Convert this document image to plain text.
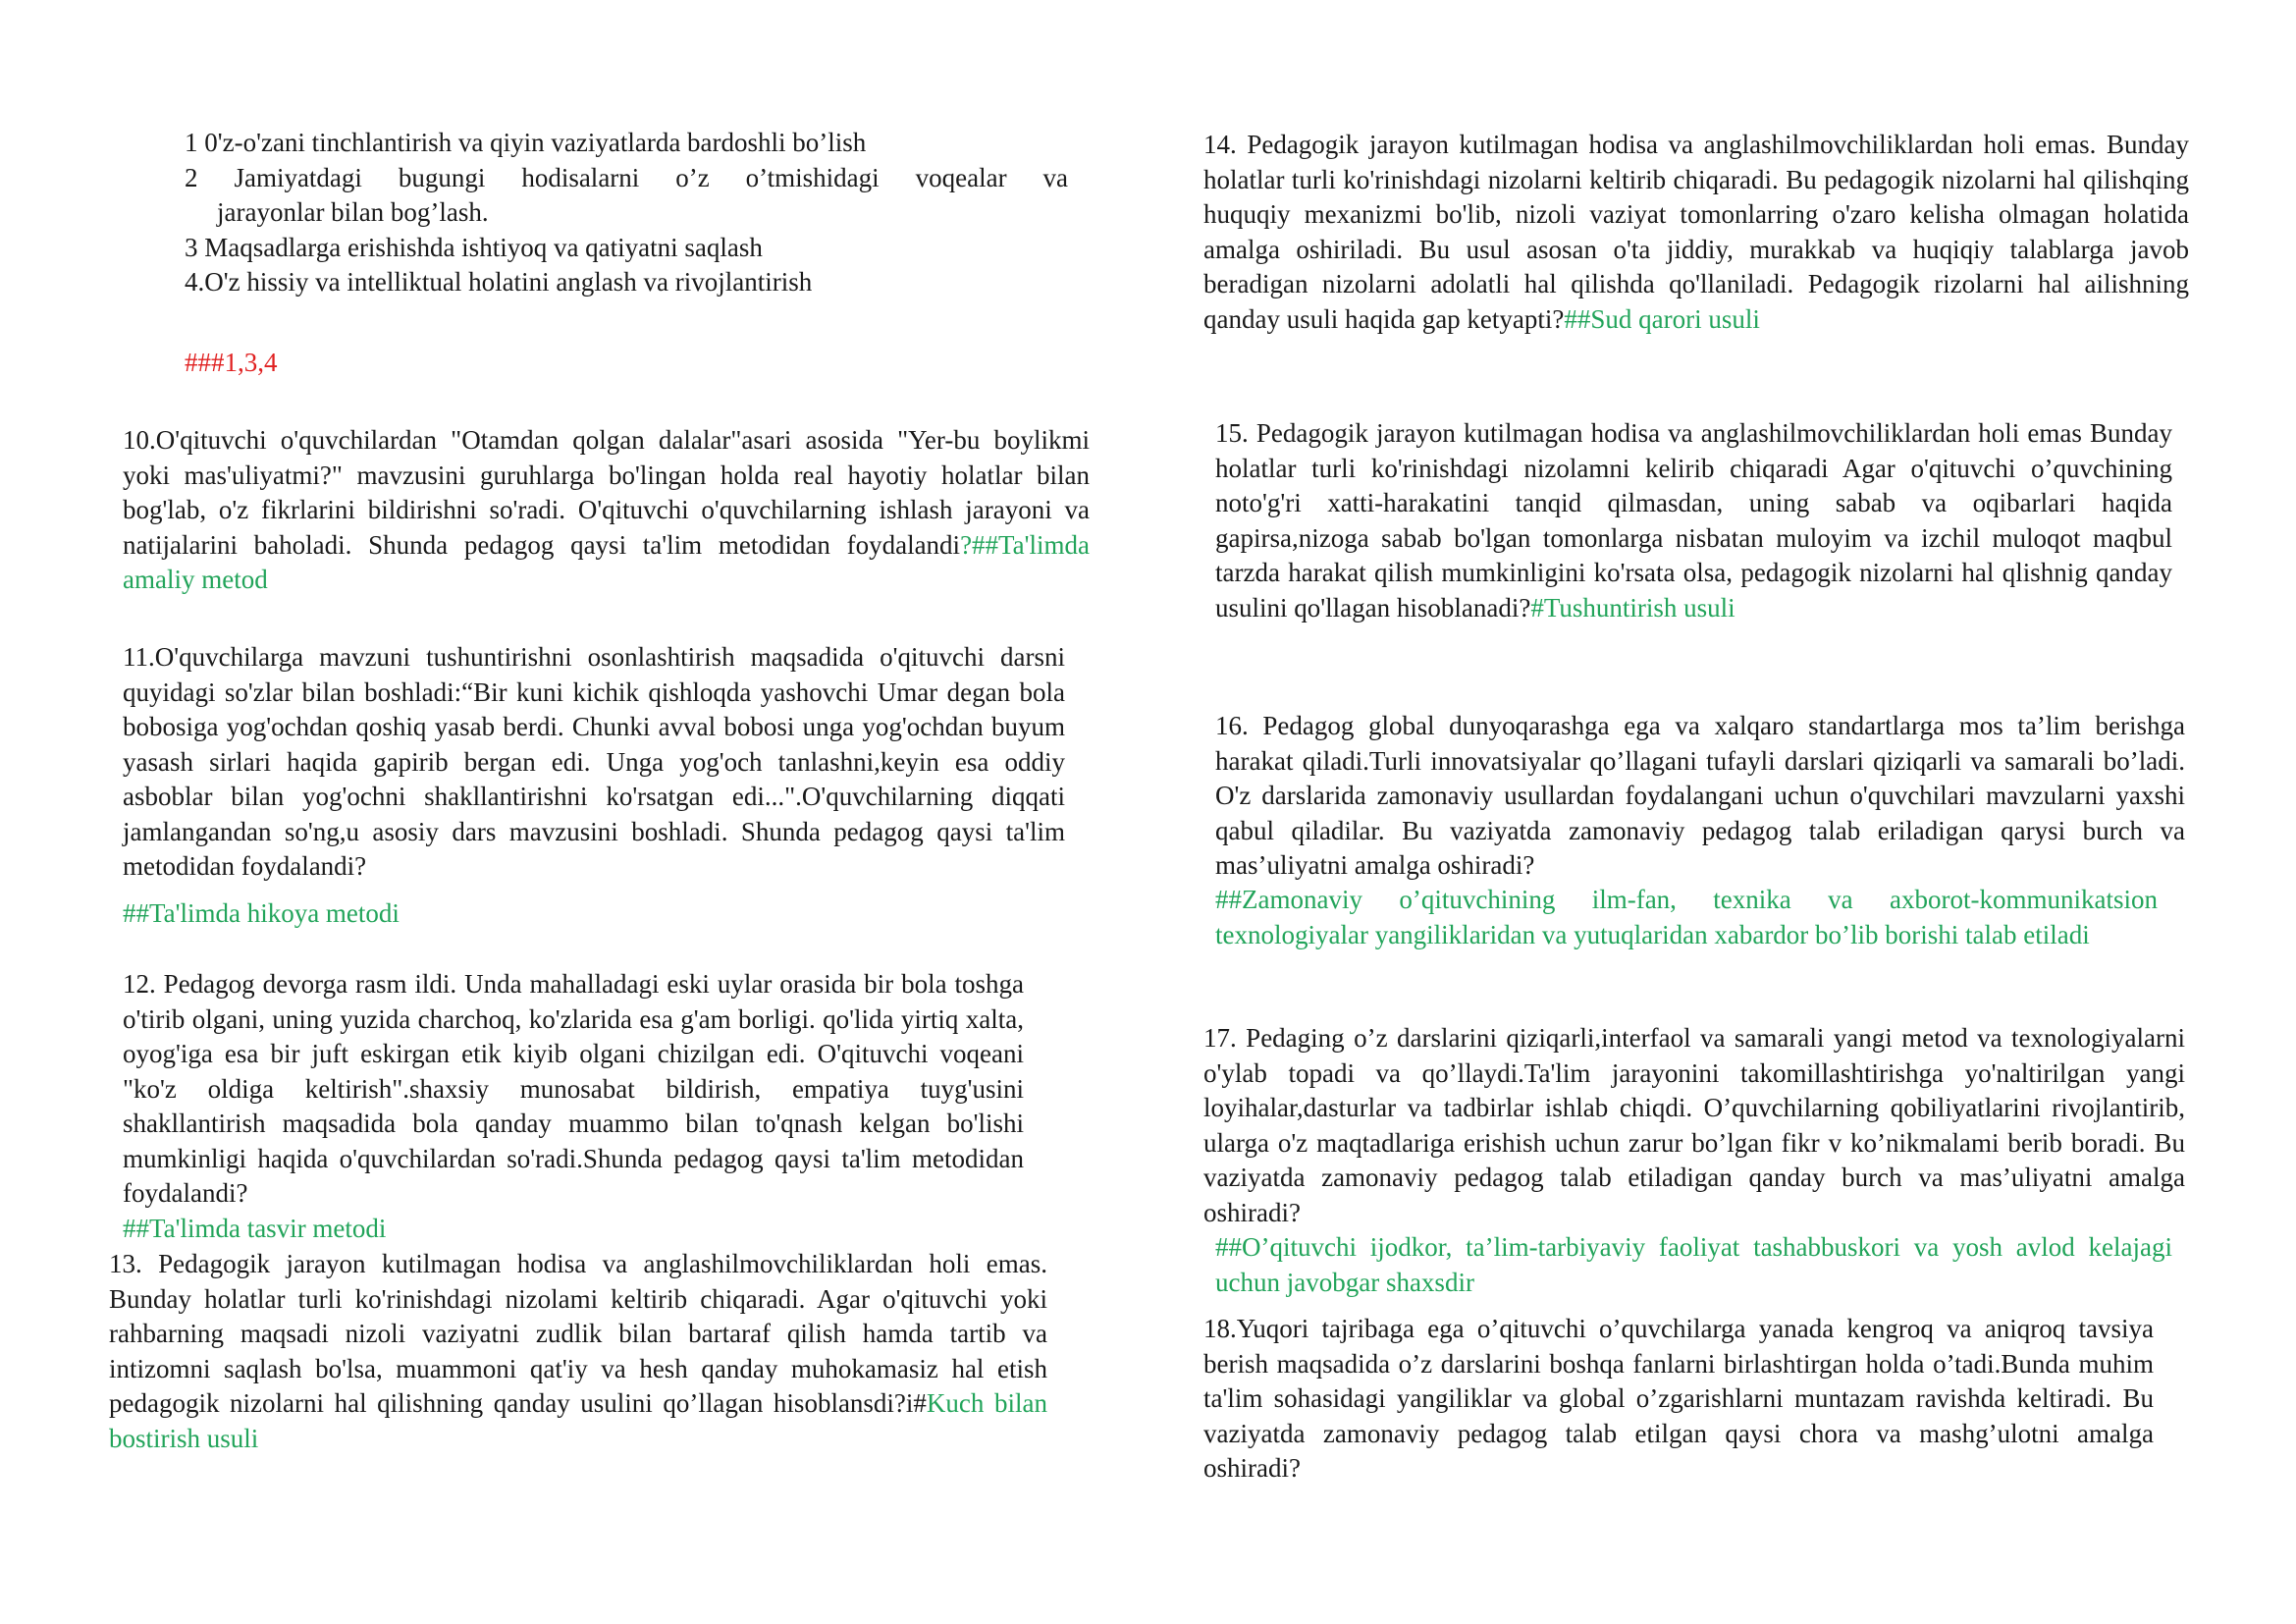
1 0'z-o'zani tinchlantirish va qiyin vaziyatlarda bardoshli bo’lish
2 Jamiyatdagi bugungi hodisalarni o’z o’tmishidagi voqealar va
jarayonlar bilan bog’lash.
3 Maqsadlarga erishishda ishtiyoq va qatiyatni saqlash
4.O'z hissiy va intelliktual holatini anglash va rivojlantirish
###1,3,4
10.O'qituvchi o'quvchilardan "Otamdan qolgan dalalar"asari asosida "Yer-bu boylikmi yoki mas'uliyatmi?" mavzusini guruhlarga bo'lingan holda real hayotiy holatlar bilan bog'lab, o'z fikrlarini bildirishni so'radi. O'qituvchi o'quvchilarning ishlash jarayoni va natijalarini baholadi. Shunda pedagog qaysi ta'lim metodidan foydalandi?##Ta'limda amaliy metod
11.O'quvchilarga mavzuni tushuntirishni osonlashtirish maqsadida o'qituvchi darsni quyidagi so'zlar bilan boshladi:“Bir kuni kichik qishloqda yashovchi Umar degan bola bobosiga yog'ochdan qoshiq yasab berdi. Chunki avval bobosi unga yog'ochdan buyum yasash sirlari haqida gapirib bergan edi. Unga yog'och tanlashni,keyin esa oddiy asboblar bilan yog'ochni shakllantirishni ko'rsatgan edi...".O'quvchilarning diqqati jamlangandan so'ng,u asosiy dars mavzusini boshladi. Shunda pedagog qaysi ta'lim metodidan foydalandi?
##Ta'limda hikoya metodi
12. Pedagog devorga rasm ildi. Unda mahalladagi eski uylar orasida bir bola toshga o'tirib olgani, uning yuzida charchoq, ko'zlarida esa g'am borligi. qo'lida yirtiq xalta, oyog'iga esa bir juft eskirgan etik kiyib olgani chizilgan edi. O'qituvchi voqeani "ko'z oldiga keltirish".shaxsiy munosabat bildirish, empatiya tuyg'usini shakllantirish maqsadida bola qanday muammo bilan to'qnash kelgan bo'lishi mumkinligi haqida o'quvchilardan so'radi.Shunda pedagog qaysi ta'lim metodidan foydalandi?
##Ta'limda tasvir metodi
13. Pedagogik jarayon kutilmagan hodisa va anglashilmovchiliklardan holi emas. Bunday holatlar turli ko'rinishdagi nizolami keltirib chiqaradi. Agar o'qituvchi yoki rahbarning maqsadi nizoli vaziyatni zudlik bilan bartaraf qilish hamda tartib va intizomni saqlash bo'lsa, muammoni qat'iy va hesh qanday muhokamasiz hal etish pedagogik nizolarni hal qilishning qanday usulini qo’llagan hisoblansdi?i#Kuch bilan bostirish usuli
14. Pedagogik jarayon kutilmagan hodisa va anglashilmovchiliklardan holi emas. Bunday holatlar turli ko'rinishdagi nizolarni keltirib chiqaradi. Bu pedagogik nizolarni hal qilishqing huquqiy mexanizmi bo'lib, nizoli vaziyat tomonlarring o'zaro kelisha olmagan holatida amalga oshiriladi. Bu usul asosan o'ta jiddiy, murakkab va huqiqiy talablarga javob beradigan nizolarni adolatli hal qilishda qo'llaniladi. Pedagogik rizolarni hal ailishning qanday usuli haqida gap ketyapti?##Sud qarori usuli
15. Pedagogik jarayon kutilmagan hodisa va anglashilmovchiliklardan holi emas Bunday holatlar turli ko'rinishdagi nizolamni kelirib chiqaradi Agar o'qituvchi o’quvchining noto'g'ri xatti-harakatini tanqid qilmasdan, uning sabab va oqibarlari haqida gapirsa,nizoga sabab bo'lgan tomonlarga nisbatan muloyim va izchil muloqot maqbul tarzda harakat qilish mumkinligini ko'rsata olsa, pedagogik nizolarni hal qlishnig qanday usulini qo'llagan hisoblanadi?#Tushuntirish usuli
16. Pedagog global dunyoqarashga ega va xalqaro standartlarga mos ta’lim berishga harakat qiladi.Turli innovatsiyalar qo’llagani tufayli darslari qiziqarli va samarali bo’ladi. O'z darslarida zamonaviy usullardan foydalangani uchun o'quvchilari mavzularni yaxshi qabul qiladilar. Bu vaziyatda zamonaviy pedagog talab eriladigan qarysi burch va mas’uliyatni amalga oshiradi?
##Zamonaviy o’qituvchining ilm-fan, texnika va axborot-kommunikatsion texnologiyalar yangiliklaridan va yutuqlaridan xabardor bo’lib borishi talab etiladi
17. Pedaging o’z darslarini qiziqarli,interfaol va samarali yangi metod va texnologiyalarni o'ylab topadi va qo’llaydi.Ta'lim jarayonini takomillashtirishga yo'naltirilgan yangi loyihalar,dasturlar va tadbirlar ishlab chiqdi. O’quvchilarning qobiliyatlarini rivojlantirib, ularga o'z maqtadlariga erishish uchun zarur bo’lgan fikr v ko’nikmalami berib boradi. Bu vaziyatda zamonaviy pedagog talab etiladigan qanday burch va mas’uliyatni amalga oshiradi?
##O’qituvchi ijodkor, ta’lim-tarbiyaviy faoliyat tashabbuskori va yosh avlod kelajagi uchun javobgar shaxsdir
18.Yuqori tajribaga ega o’qituvchi o’quvchilarga yanada kengroq va aniqroq tavsiya berish maqsadida o’z darslarini boshqa fanlarni birlashtirgan holda o’tadi.Bunda muhim ta'lim sohasidagi yangiliklar va global o’zgarishlarni muntazam ravishda keltiradi. Bu vaziyatda zamonaviy pedagog talab etilgan qaysi chora va mashg’ulotni amalga oshiradi?
